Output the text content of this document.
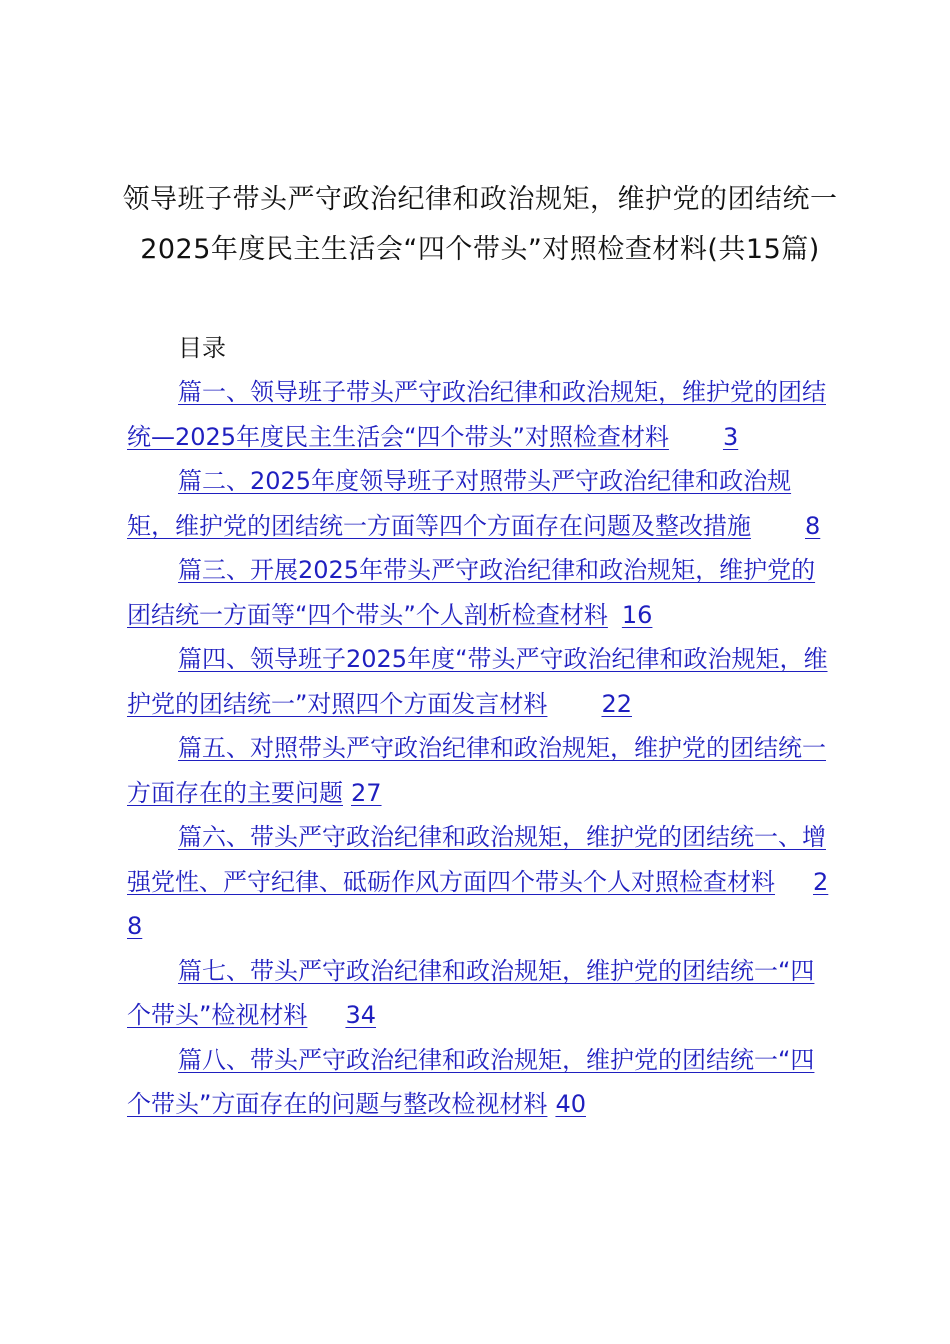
领导班子带头严守政治纪律和政治规矩，维护党的团结统一2025年度民主生活会“四个带头”对照检查材料(共15篇)
目录
篇一、领导班子带头严守政治纪律和政治规矩，维护党的团结统—2025年度民主生活会“四个带头”对照检查材料 3
篇二、2025年度领导班子对照带头严守政治纪律和政治规矩，维护党的团结统一方面等四个方面存在问题及整改措施 8
篇三、开展2025年带头严守政治纪律和政治规矩，维护党的团结统一方面等“四个带头”个人剖析检查材料 16
篇四、领导班子2025年度“带头严守政治纪律和政治规矩，维护党的团结统一”对照四个方面发言材料 22
篇五、对照带头严守政治纪律和政治规矩，维护党的团结统一方面存在的主要问题 27
篇六、带头严守政治纪律和政治规矩，维护党的团结统一、增强党性、严守纪律、砥砺作风方面四个带头个人对照检查材料 28
篇七、带头严守政治纪律和政治规矩，维护党的团结统一“四个带头”检视材料 34
篇八、带头严守政治纪律和政治规矩，维护党的团结统一“四个带头”方面存在的问题与整改检视材料 40
